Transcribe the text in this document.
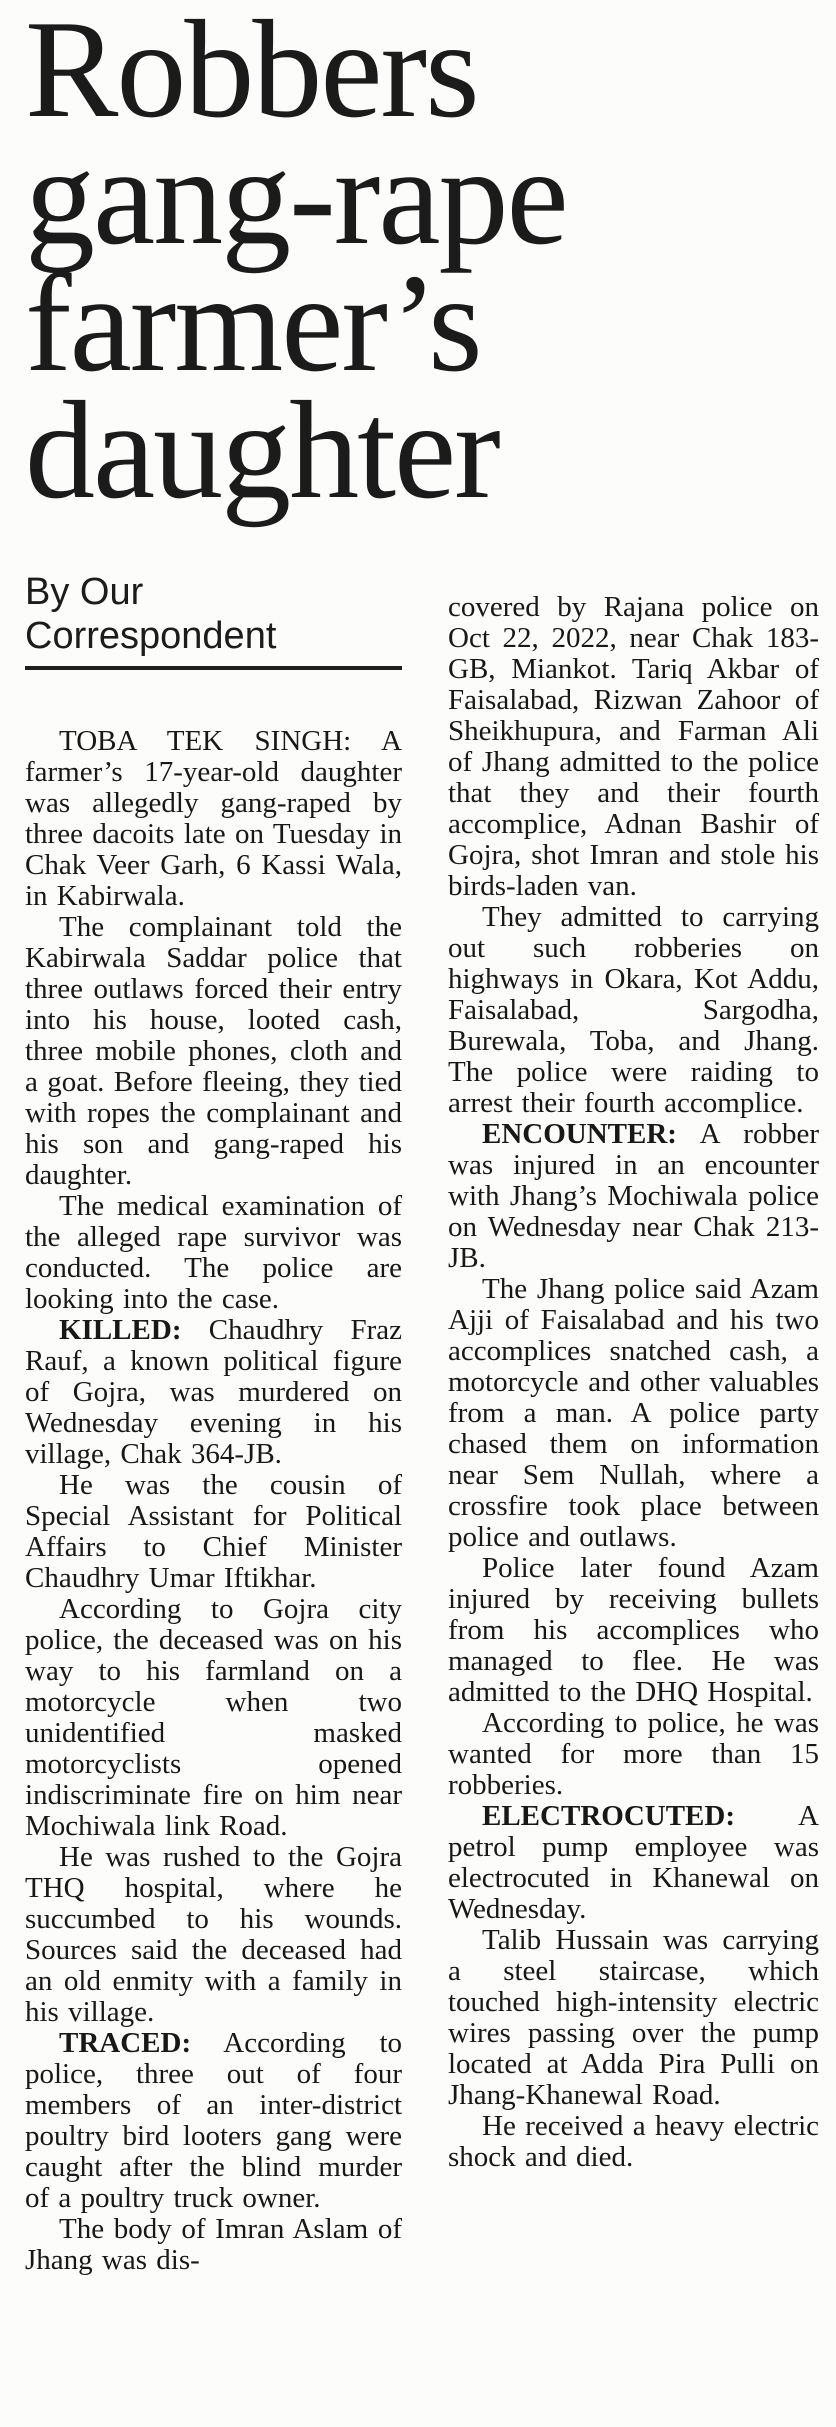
Robbers gang-rape farmer’s daughter
By Our Correspondent

TOBA TEK SINGH: A farmer’s 17-year-old daughter was allegedly gang-raped by three dacoits late on Tuesday in Chak Veer Garh, 6 Kassi Wala, in Kabirwala.

The complainant told the Kabirwala Saddar police that three outlaws forced their entry into his house, looted cash, three mobile phones, cloth and a goat. Before fleeing, they tied with ropes the complainant and his son and gang-raped his daughter.

The medical examination of the alleged rape survivor was conducted. The police are looking into the case.

KILLED: Chaudhry Fraz Rauf, a known political figure of Gojra, was murdered on Wednesday evening in his village, Chak 364-JB.

He was the cousin of Special Assistant for Political Affairs to Chief Minister Chaudhry Umar Iftikhar.

According to Gojra city police, the deceased was on his way to his farmland on a motorcycle when two unidentified masked motorcyclists opened indiscriminate fire on him near Mochiwala link Road.

He was rushed to the Gojra THQ hospital, where he succumbed to his wounds. Sources said the deceased had an old enmity with a family in his village.

TRACED: According to police, three out of four members of an inter-district poultry bird looters gang were caught after the blind murder of a poultry truck owner.

The body of Imran Aslam of Jhang was dis-

covered by Rajana police on Oct 22, 2022, near Chak 183-GB, Miankot. Tariq Akbar of Faisalabad, Rizwan Zahoor of Sheikhupura, and Farman Ali of Jhang admitted to the police that they and their fourth accomplice, Adnan Bashir of Gojra, shot Imran and stole his birds-laden van.

They admitted to carrying out such robberies on highways in Okara, Kot Addu, Faisalabad, Sargodha, Burewala, Toba, and Jhang. The police were raiding to arrest their fourth accomplice.

ENCOUNTER: A robber was injured in an encounter with Jhang’s Mochiwala police on Wednesday near Chak 213-JB.

The Jhang police said Azam Ajji of Faisalabad and his two accomplices snatched cash, a motorcycle and other valuables from a man. A police party chased them on information near Sem Nullah, where a crossfire took place between police and outlaws.

Police later found Azam injured by receiving bullets from his accomplices who managed to flee. He was admitted to the DHQ Hospital.

According to police, he was wanted for more than 15 robberies.

ELECTROCUTED: A petrol pump employee was electrocuted in Khanewal on Wednesday.

Talib Hussain was carrying a steel staircase, which touched high-intensity electric wires passing over the pump located at Adda Pira Pulli on Jhang-Khanewal Road.

He received a heavy electric shock and died.
